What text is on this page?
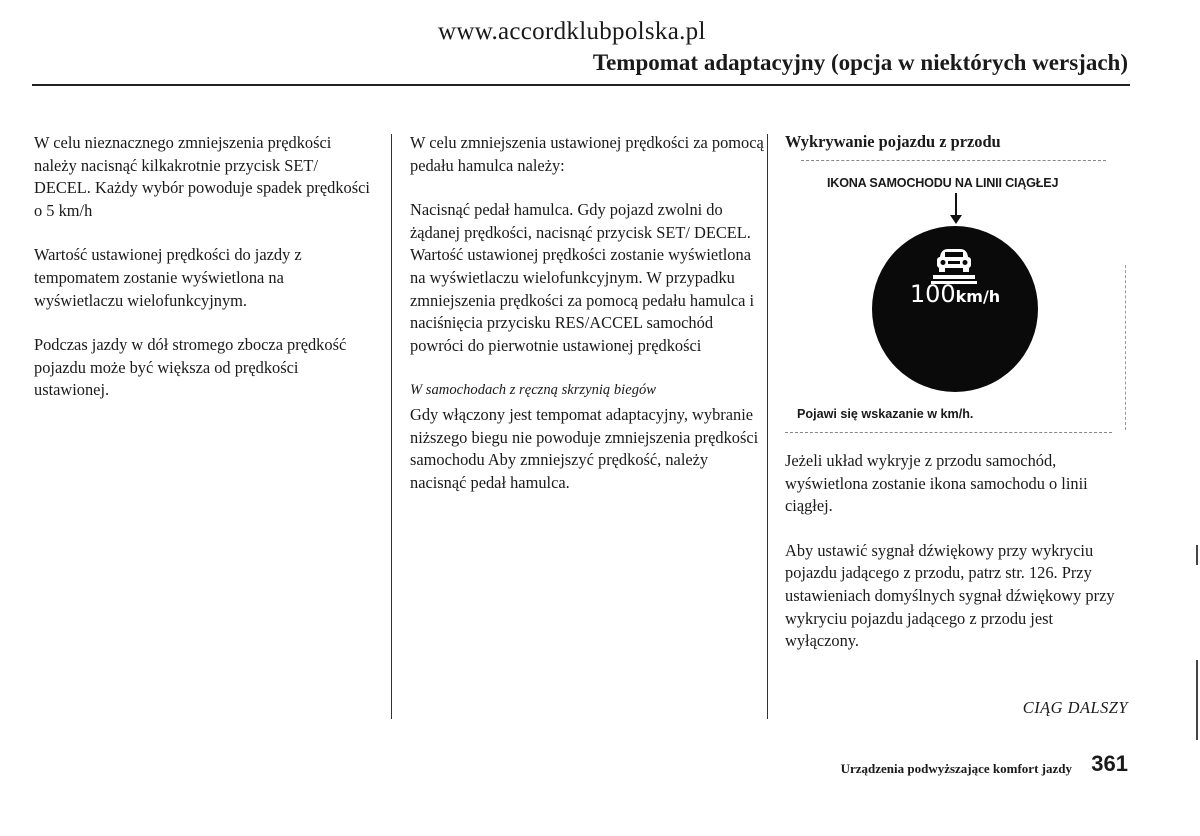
www.accordklubpolska.pl
Tempomat adaptacyjny (opcja w niektórych wersjach)

W celu nieznacznego zmniejszenia prędkości należy nacisnąć kilkakrotnie przycisk SET/ DECEL. Każdy wybór powoduje spadek prędkości o 5 km/h

Wartość ustawionej prędkości do jazdy z tempomatem zostanie wyświetlona na wyświetlaczu wielofunkcyjnym.

Podczas jazdy w dół stromego zbocza prędkość pojazdu może być większa od prędkości ustawionej.

W celu zmniejszenia ustawionej prędkości za pomocą pedału hamulca należy:

Nacisnąć pedał hamulca. Gdy pojazd zwolni do żądanej prędkości, nacisnąć przycisk SET/ DECEL. Wartość ustawionej prędkości zostanie wyświetlona na wyświetlaczu wielofunkcyjnym. W przypadku zmniejszenia prędkości za pomocą pedału hamulca i naciśnięcia przycisku RES/ACCEL samochód powróci do pierwotnie ustawionej prędkości

W samochodach z ręczną skrzynią biegów

Gdy włączony jest tempomat adaptacyjny, wybranie niższego biegu nie powoduje zmniejszenia prędkości samochodu Aby zmniejszyć prędkość, należy nacisnąć pedał hamulca.

Wykrywanie pojazdu z przodu
IKONA SAMOCHODU NA LINII CIĄGŁEJ
100km/h
Pojawi się wskazanie w km/h.

Jeżeli układ wykryje z przodu samochód, wyświetlona zostanie ikona samochodu o linii ciągłej.

Aby ustawić sygnał dźwiękowy przy wykryciu pojazdu jadącego z przodu, patrz str. 126. Przy ustawieniach domyślnych sygnał dźwiękowy przy wykryciu pojazdu jadącego z przodu jest wyłączony.

CIĄG DALSZY
Urządzenia podwyższające komfort jazdy 361
